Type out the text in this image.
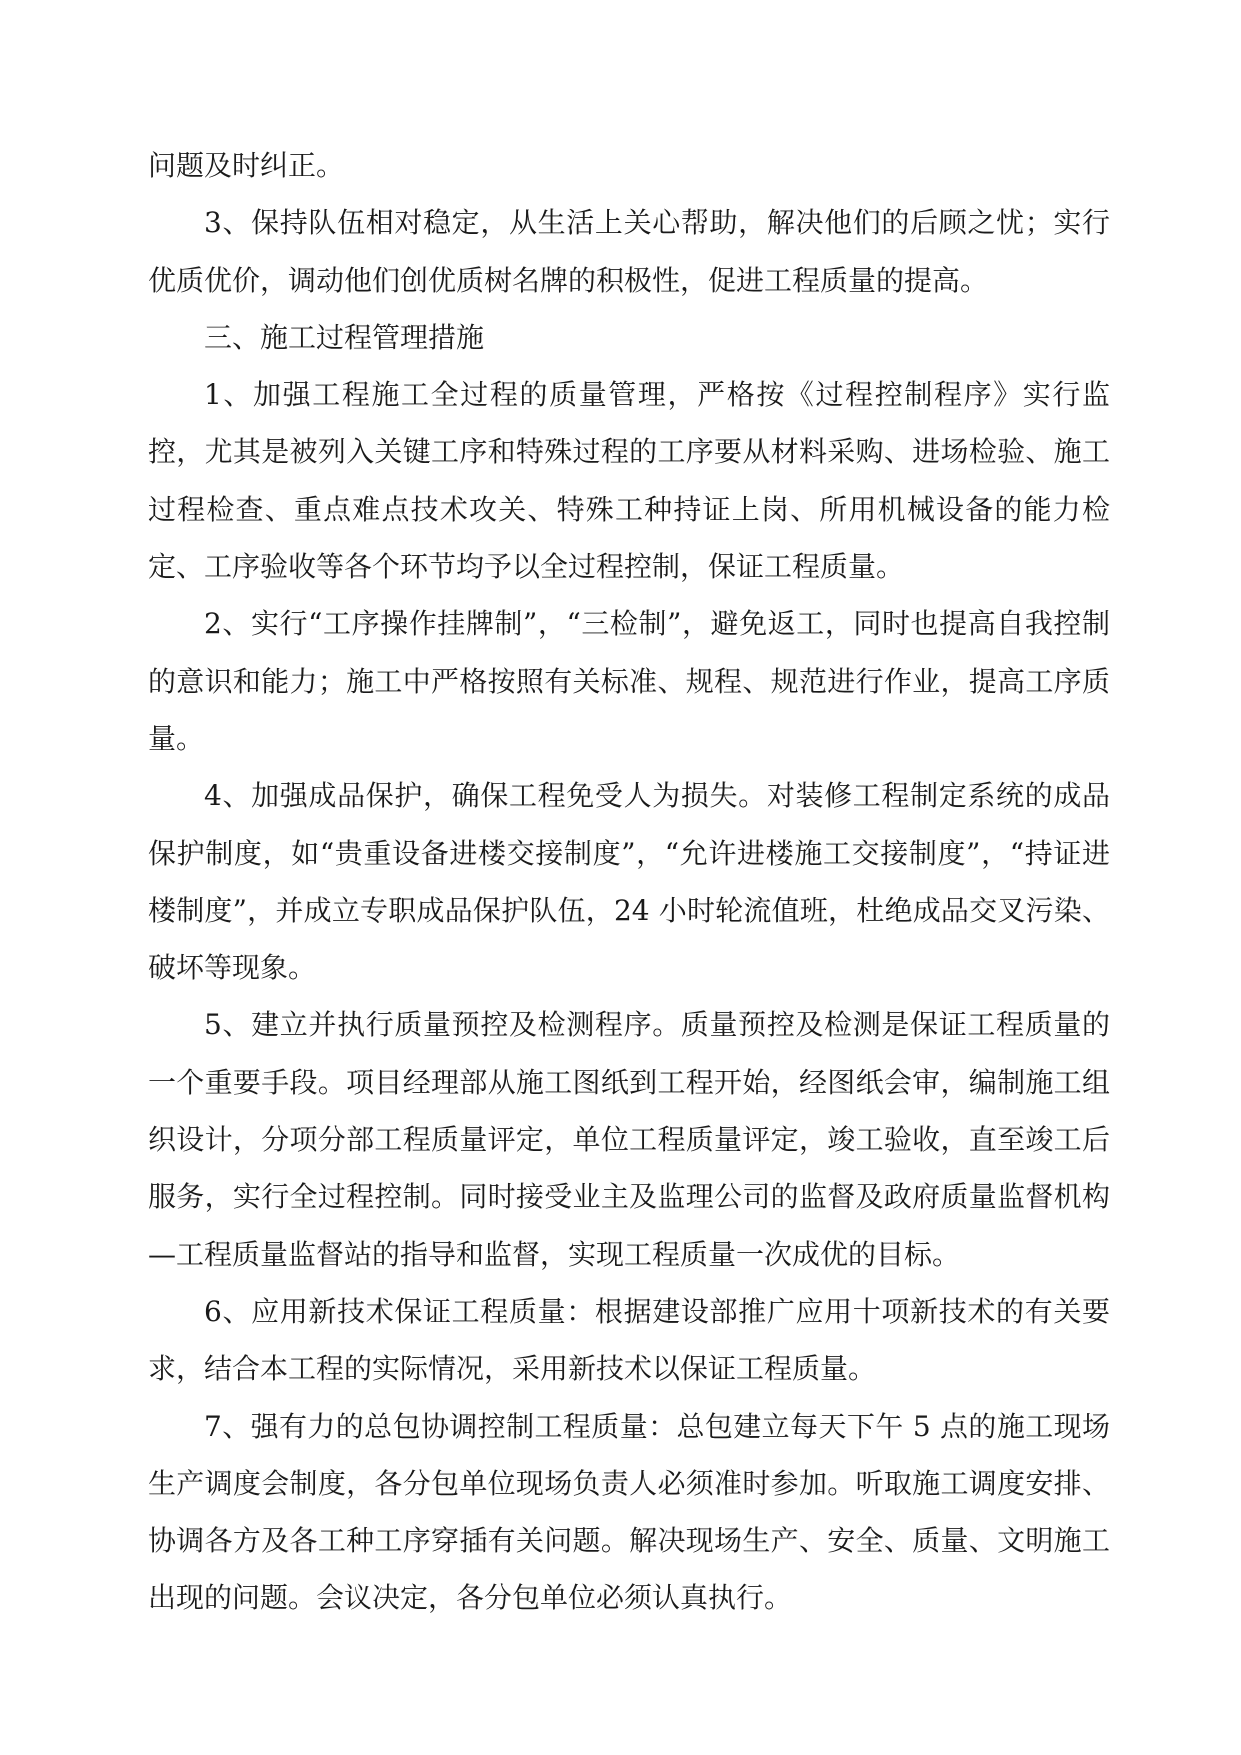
问题及时纠正。

3、保持队伍相对稳定，从生活上关心帮助，解决他们的后顾之忧；实行优质优价，调动他们创优质树名牌的积极性，促进工程质量的提高。

三、施工过程管理措施

1、加强工程施工全过程的质量管理，严格按《过程控制程序》实行监控，尤其是被列入关键工序和特殊过程的工序要从材料采购、进场检验、施工过程检查、重点难点技术攻关、特殊工种持证上岗、所用机械设备的能力检定、工序验收等各个环节均予以全过程控制，保证工程质量。

2、实行“工序操作挂牌制”，“三检制”，避免返工，同时也提高自我控制的意识和能力；施工中严格按照有关标准、规程、规范进行作业，提高工序质量。

4、加强成品保护，确保工程免受人为损失。对装修工程制定系统的成品保护制度，如“贵重设备进楼交接制度”，“允许进楼施工交接制度”，“持证进楼制度”，并成立专职成品保护队伍，24 小时轮流值班，杜绝成品交叉污染、破坏等现象。

5、建立并执行质量预控及检测程序。质量预控及检测是保证工程质量的一个重要手段。项目经理部从施工图纸到工程开始，经图纸会审，编制施工组织设计，分项分部工程质量评定，单位工程质量评定，竣工验收，直至竣工后服务，实行全过程控制。同时接受业主及监理公司的监督及政府质量监督机构—工程质量监督站的指导和监督，实现工程质量一次成优的目标。

6、应用新技术保证工程质量：根据建设部推广应用十项新技术的有关要求，结合本工程的实际情况，采用新技术以保证工程质量。

7、强有力的总包协调控制工程质量：总包建立每天下午 5 点的施工现场生产调度会制度，各分包单位现场负责人必须准时参加。听取施工调度安排、协调各方及各工种工序穿插有关问题。解决现场生产、安全、质量、文明施工出现的问题。会议决定，各分包单位必须认真执行。
